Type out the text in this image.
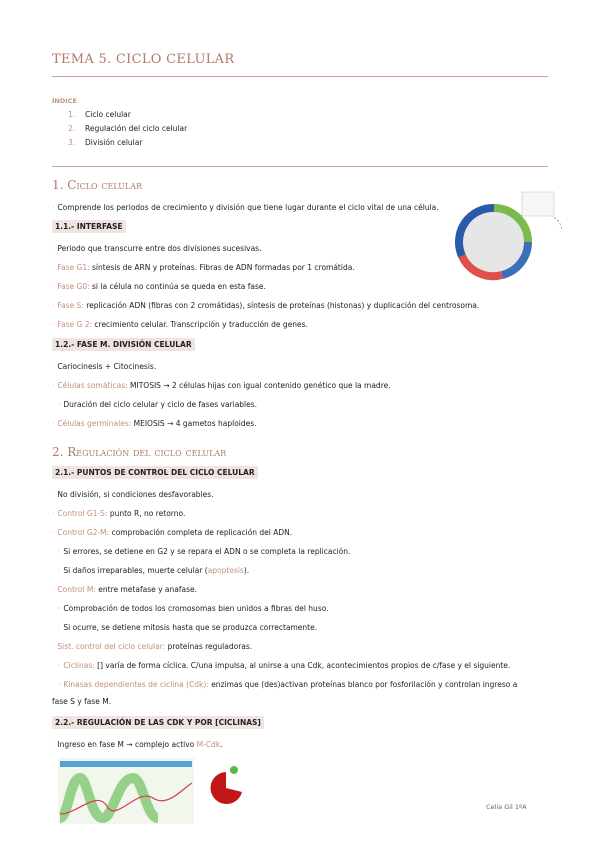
TEMA 5. CICLO CELULAR
ÍNDICE
1. Ciclo celular
2. Regulación del ciclo celular
3. División celular
1. Ciclo celular
· Comprende los periodos de crecimiento y división que tiene lugar durante el ciclo vital de una célula.
1.1.- INTERFASE
· Periodo que transcurre entre dos divisiones sucesivas.
· Fase G1: síntesis de ARN y proteínas. Fibras de ADN formadas por 1 cromátida.
· Fase G0: si la célula no continúa se queda en esta fase.
· Fase S: replicación ADN (fibras con 2 cromátidas), síntesis de proteínas (histonas) y duplicación del centrosoma.
· Fase G 2: crecimiento celular. Transcripción y traducción de genes.
1.2.- FASE M. DIVISIÓN CELULAR
· Cariocinesis + Citocinesis.
· Células somáticas: MITOSIS → 2 células hijas con igual contenido genético que la madre.
· Duración del ciclo celular y ciclo de fases variables.
· Células germinales: MEIOSIS → 4 gametos haploides.
2. Regulación del ciclo celular
2.1.- PUNTOS DE CONTROL DEL CICLO CELULAR
· No división, si condiciones desfavorables.
· Control G1-S: punto R, no retorno.
· Control G2-M: comprobación completa de replicación del ADN.
· Si errores, se detiene en G2 y se repara el ADN o se completa la replicación.
· Si daños irreparables, muerte celular (apoptosis).
· Control M: entre metafase y anafase.
· Comprobación de todos los cromosomas bien unidos a fibras del huso.
· Si ocurre, se detiene mitosis hasta que se produzca correctamente.
· Sist. control del ciclo celular: proteínas reguladoras.
· Ciclinas: [] varía de forma cíclica. C/una impulsa, al unirse a una Cdk, acontecimientos propios de c/fase y el siguiente.
· Kinasas dependientes de ciclina (Cdk): enzimas que (des)activan proteínas blanco por fosforilación y controlan ingreso a
fase S y fase M.
2.2.- REGULACIÓN DE LAS CDK Y POR [CICLINAS]
· Ingreso en fase M → complejo activo M-Cdk.
Celia Gil 1ºA
